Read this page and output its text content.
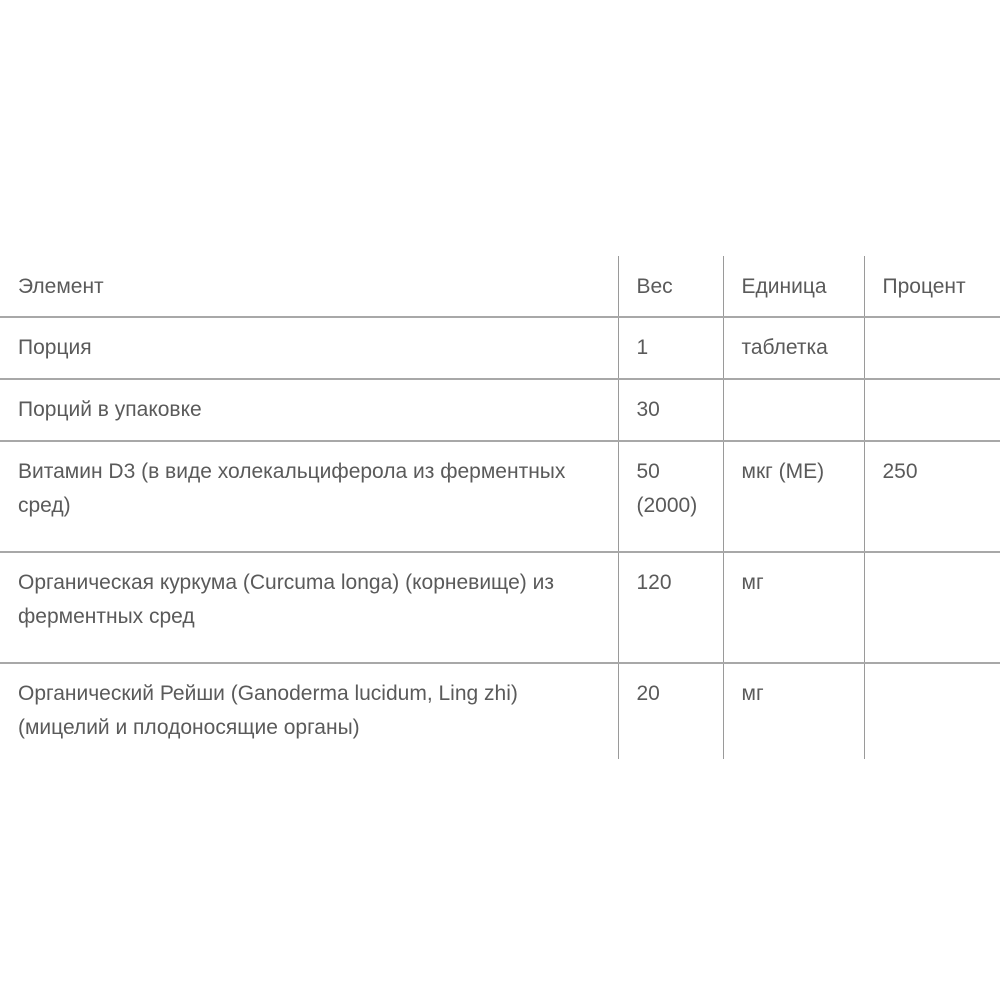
Элемент	Вес	Единица	Процент
Порция	1	таблетка	
Порций в упаковке	30		
Витамин D3 (в виде холекальциферола из ферментных сред)	50 (2000)	мкг (МЕ)	250
Органическая куркума (Curcuma longa) (корневище) из ферментных сред	120	мг	
Органический Рейши (Ganoderma lucidum, Ling zhi) (мицелий и плодоносящие органы)	20	мг	
